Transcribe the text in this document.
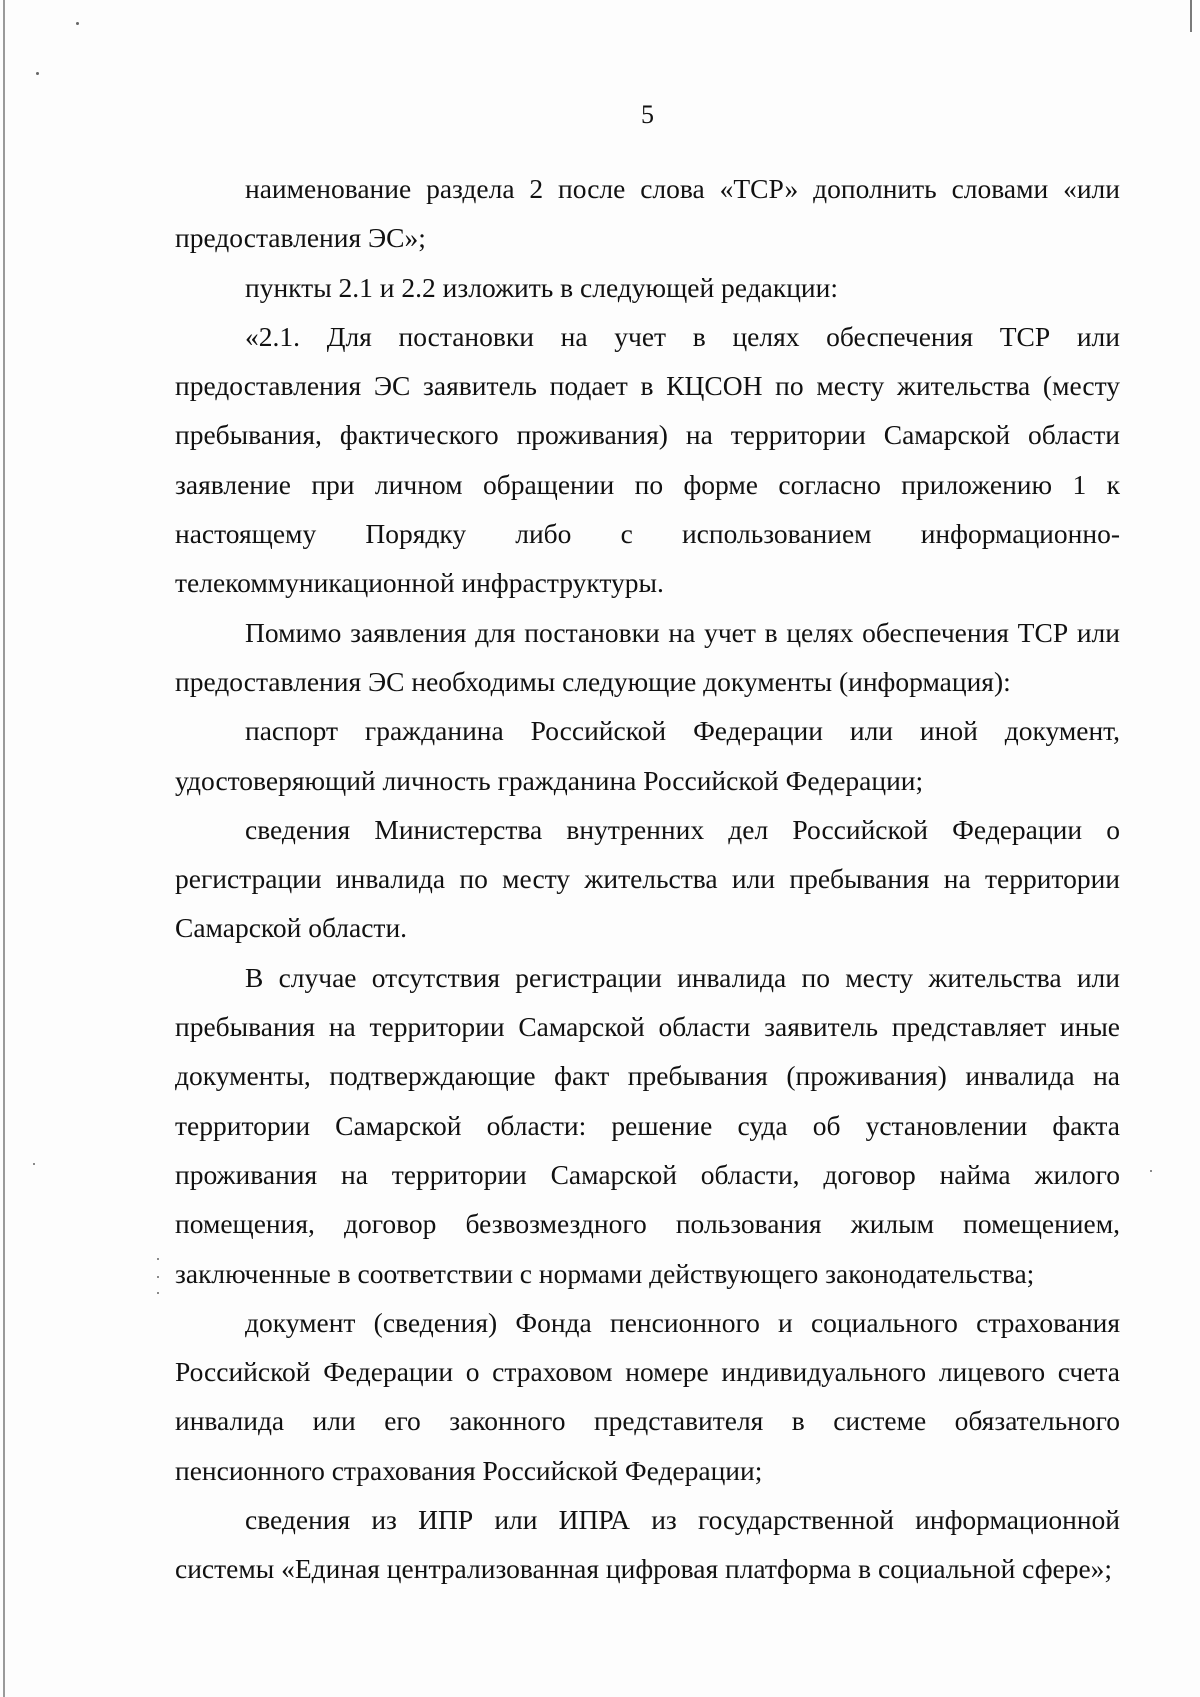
5

наименование раздела 2 после слова «ТСР» дополнить словами «или предоставления ЭС»;

пункты 2.1 и 2.2 изложить в следующей редакции:

«2.1. Для постановки на учет в целях обеспечения ТСР или предоставления ЭС заявитель подает в КЦСОН по месту жительства (месту пребывания, фактического проживания) на территории Самарской области заявление при личном обращении по форме согласно приложению 1 к настоящему Порядку либо с использованием информационно-телекоммуникационной инфраструктуры.

Помимо заявления для постановки на учет в целях обеспечения ТСР или предоставления ЭС необходимы следующие документы (информация):

паспорт гражданина Российской Федерации или иной документ, удостоверяющий личность гражданина Российской Федерации;

сведения Министерства внутренних дел Российской Федерации о регистрации инвалида по месту жительства или пребывания на территории Самарской области.

В случае отсутствия регистрации инвалида по месту жительства или пребывания на территории Самарской области заявитель представляет иные документы, подтверждающие факт пребывания (проживания) инвалида на территории Самарской области: решение суда об установлении факта проживания на территории Самарской области, договор найма жилого помещения, договор безвозмездного пользования жилым помещением, заключенные в соответствии с нормами действующего законодательства;

документ (сведения) Фонда пенсионного и социального страхования Российской Федерации о страховом номере индивидуального лицевого счета инвалида или его законного представителя в системе обязательного пенсионного страхования Российской Федерации;

сведения из ИПР или ИПРА из государственной информационной системы «Единая централизованная цифровая платформа в социальной сфере»;
